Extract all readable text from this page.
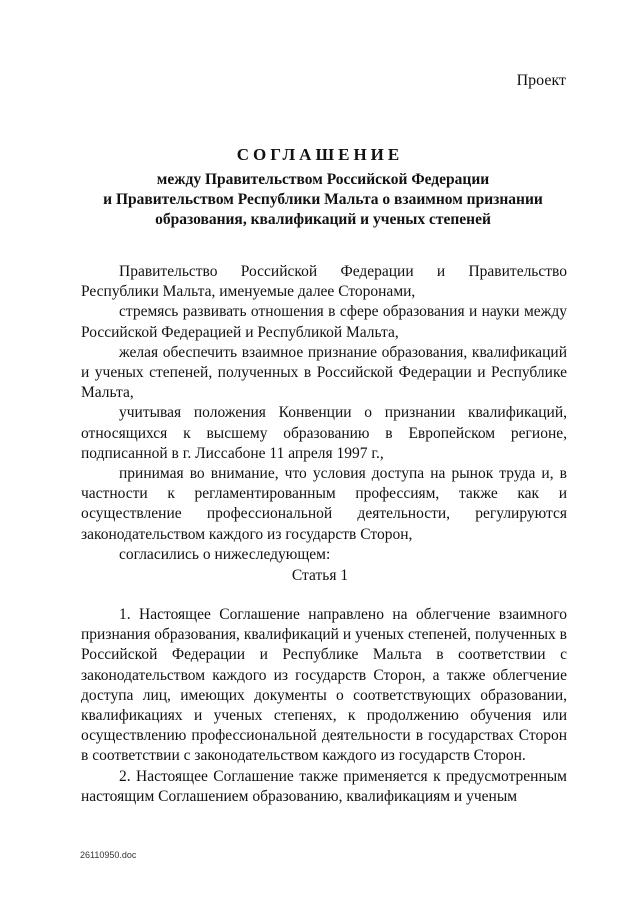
Проект
СОГЛАШЕНИЕ
между Правительством Российской Федерации
и Правительством Республики Мальта о взаимном признании
образования, квалификаций и ученых степеней

Правительство Российской Федерации и Правительство Республики Мальта, именуемые далее Сторонами,

стремясь развивать отношения в сфере образования и науки между Российской Федерацией и Республикой Мальта,

желая обеспечить взаимное признание образования, квалификаций и ученых степеней, полученных в Российской Федерации и Республике Мальта,

учитывая положения Конвенции о признании квалификаций, относящихся к высшему образованию в Европейском регионе, подписанной в г. Лиссабоне 11 апреля 1997 г.,

принимая во внимание, что условия доступа на рынок труда и, в частности к регламентированным профессиям, также как и осуществление профессиональной деятельности, регулируются законодательством каждого из государств Сторон,

согласились о нижеследующем:

Статья 1

1. Настоящее Соглашение направлено на облегчение взаимного признания образования, квалификаций и ученых степеней, полученных в Российской Федерации и Республике Мальта в соответствии с законодательством каждого из государств Сторон, а также облегчение доступа лиц, имеющих документы о соответствующих образовании, квалификациях и ученых степенях, к продолжению обучения или осуществлению профессиональной деятельности в государствах Сторон в соответствии с законодательством каждого из государств Сторон.

2. Настоящее Соглашение также применяется к предусмотренным настоящим Соглашением образованию, квалификациям и ученым

26110950.doc
